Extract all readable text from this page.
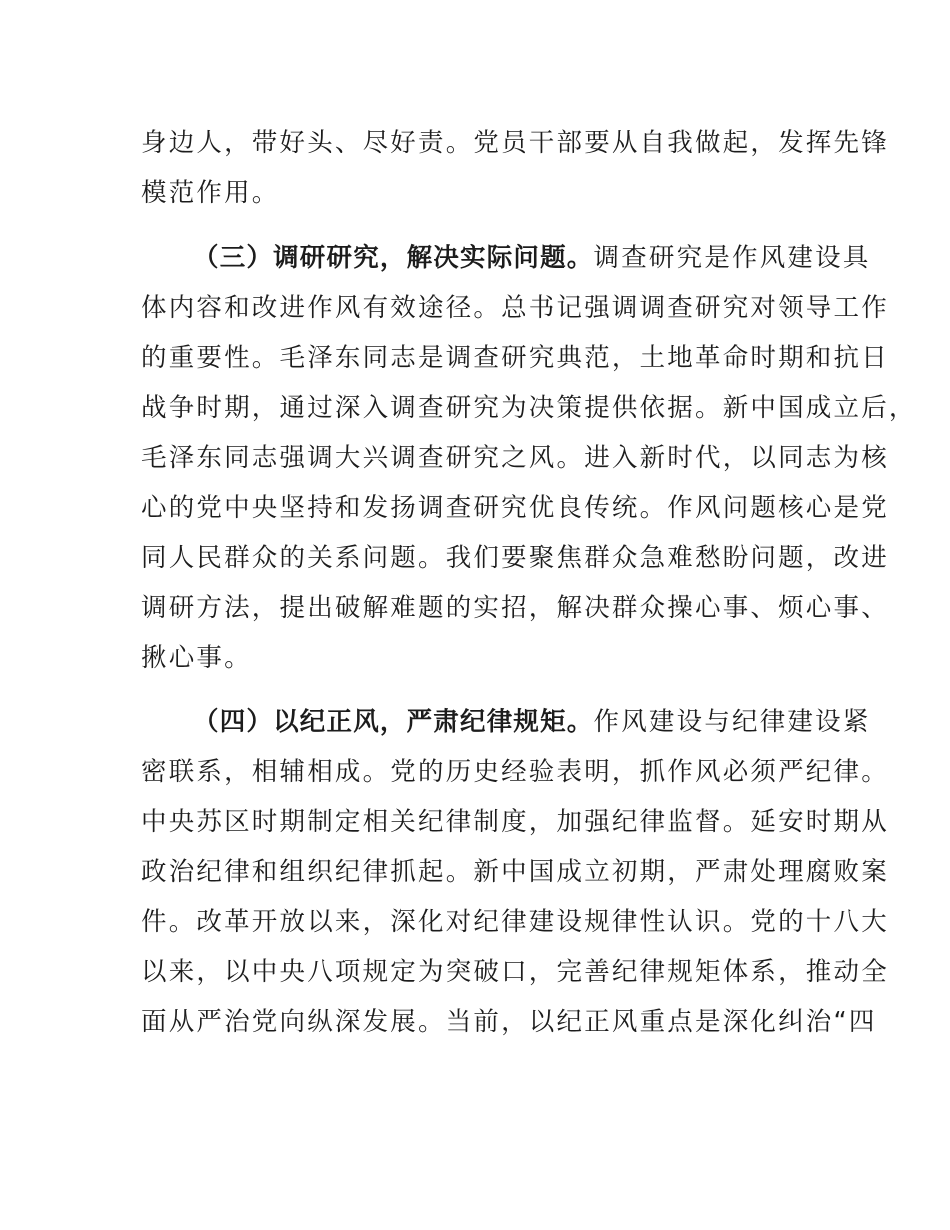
身边人，带好头、尽好责。党员干部要从自我做起，发挥先锋
模范作用。
（三）调研研究，解决实际问题。调查研究是作风建设具
体内容和改进作风有效途径。总书记强调调查研究对领导工作
的重要性。毛泽东同志是调查研究典范，土地革命时期和抗日
战争时期，通过深入调查研究为决策提供依据。新中国成立后，
毛泽东同志强调大兴调查研究之风。进入新时代，以同志为核
心的党中央坚持和发扬调查研究优良传统。作风问题核心是党
同人民群众的关系问题。我们要聚焦群众急难愁盼问题，改进
调研方法，提出破解难题的实招，解决群众操心事、烦心事、
揪心事。
（四）以纪正风，严肃纪律规矩。作风建设与纪律建设紧
密联系，相辅相成。党的历史经验表明，抓作风必须严纪律。
中央苏区时期制定相关纪律制度，加强纪律监督。延安时期从
政治纪律和组织纪律抓起。新中国成立初期，严肃处理腐败案
件。改革开放以来，深化对纪律建设规律性认识。党的十八大
以来，以中央八项规定为突破口，完善纪律规矩体系，推动全
面从严治党向纵深发展。当前，以纪正风重点是深化纠治“四
